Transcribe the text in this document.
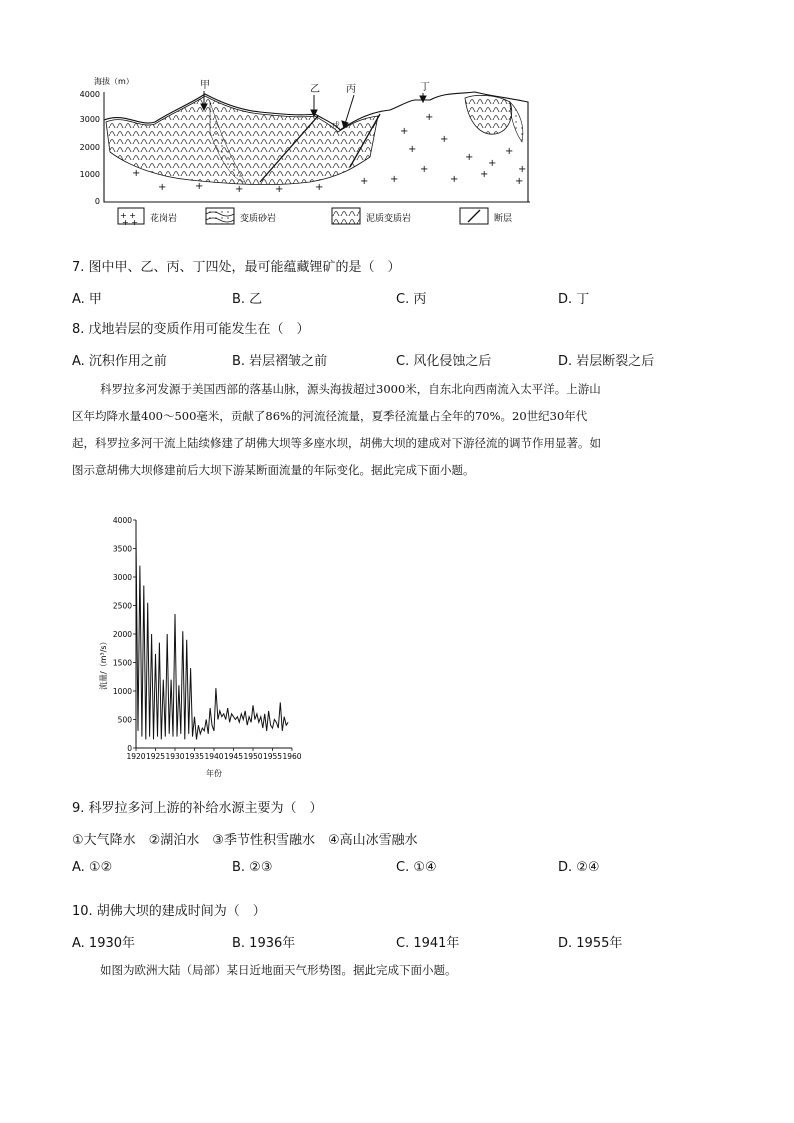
海拔（m）
4000
3000
2000
1000
0
+
+	+	+	+	+
+ +
+
+ +
+
+
+
+
+
+
+
+
+
甲	乙	丙	丁
戊
+ +
+ + 花岗岩	变质砂岩	泥质变质岩	断层
7. 图中甲、乙、丙、丁四处，最可能蕴藏锂矿的是（　）
A. 甲	B. 乙	C. 丙	D. 丁
8. 戊地岩层的变质作用可能发生在（　）
A. 沉积作用之前	B. 岩层褶皱之前	C. 风化侵蚀之后	D. 岩层断裂之后
科罗拉多河发源于美国西部的落基山脉，源头海拔超过3000米，自东北向西南流入太平洋。上游山
区年均降水量400～500毫米，贡献了86%的河流径流量，夏季径流量占全年的70%。20世纪30年代
起，科罗拉多河干流上陆续修建了胡佛大坝等多座水坝，胡佛大坝的建成对下游径流的调节作用显著。如
图示意胡佛大坝修建前后大坝下游某断面流量的年际变化。据此完成下面小题。
4000
3500
3000
2500
2000
1500
1000
500
0
1920 1925 1930 1935 1940 1945 1950 1955 1960
流量/（m³/s）
年份
9. 科罗拉多河上游的补给水源主要为（　）
①大气降水　②湖泊水　③季节性积雪融水　④高山冰雪融水
A. ①②	B. ②③	C. ①④	D. ②④
10. 胡佛大坝的建成时间为（　）
A. 1930年	B. 1936年	C. 1941年	D. 1955年
如图为欧洲大陆（局部）某日近地面天气形势图。据此完成下面小题。
